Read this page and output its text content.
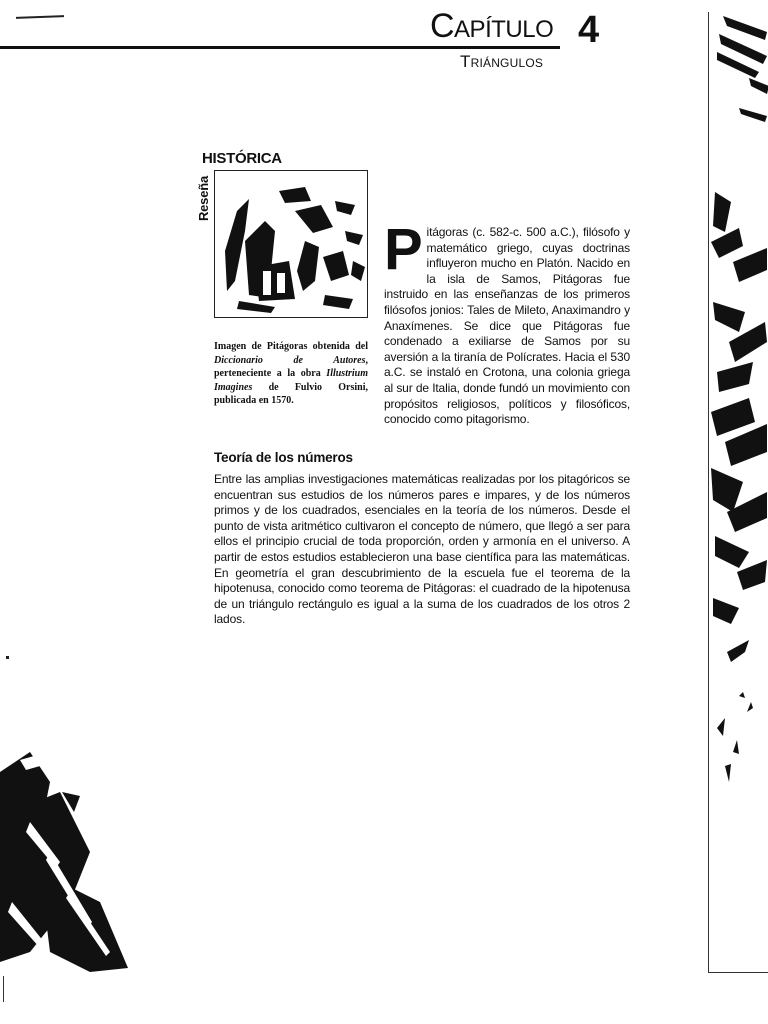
Capítulo 4
Triángulos
HISTÓRICA
Reseña
Imagen de Pitágoras obtenida del Diccionario de Autores, perteneciente a la obra Illustrium Imagines de Fulvio Orsini, publicada en 1570.
Pitágoras (c. 582-c. 500 a.C.), filósofo y matemático griego, cuyas doctrinas influyeron mucho en Platón. Nacido en la isla de Samos, Pitágoras fue instruido en las enseñanzas de los primeros filósofos jonios: Tales de Mileto, Anaximandro y Anaxímenes. Se dice que Pitágoras fue condenado a exiliarse de Samos por su aversión a la tiranía de Polícrates. Hacia el 530 a.C. se instaló en Crotona, una colonia griega al sur de Italia, donde fundó un movimiento con propósitos religiosos, políticos y filosóficos, conocido como pitagorismo.
Teoría de los números
Entre las amplias investigaciones matemáticas realizadas por los pitagóricos se encuentran sus estudios de los números pares e impares, y de los números primos y de los cuadrados, esenciales en la teoría de los números. Desde el punto de vista aritmético cultivaron el concepto de número, que llegó a ser para ellos el principio crucial de toda proporción, orden y armonía en el universo. A partir de estos estudios establecieron una base científica para las matemáticas. En geometría el gran descubrimiento de la escuela fue el teorema de la hipotenusa, conocido como teorema de Pitágoras: el cuadrado de la hipotenusa de un triángulo rectángulo es igual a la suma de los cuadrados de los otros 2 lados.
